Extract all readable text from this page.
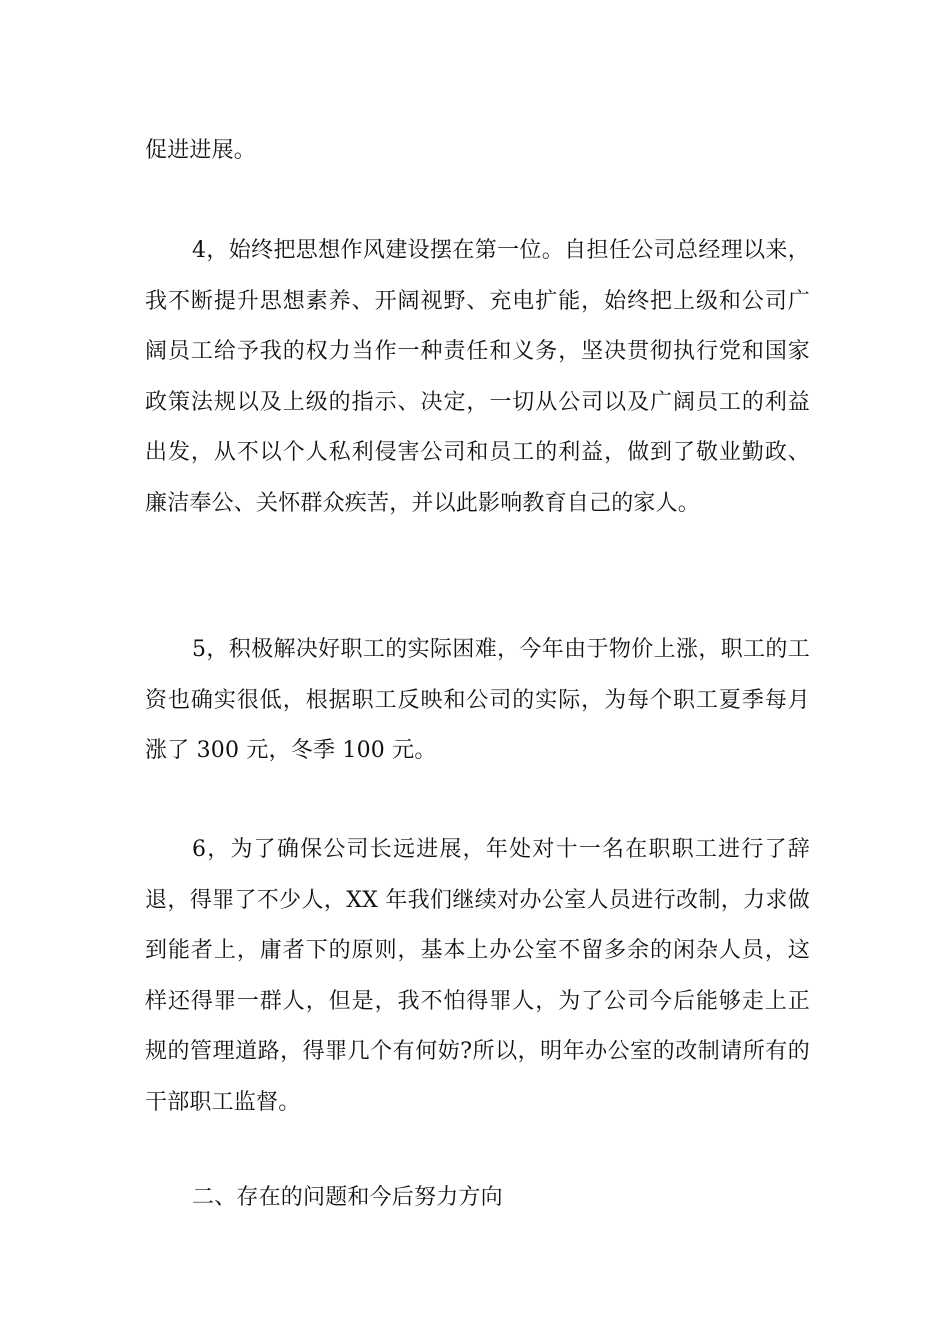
促进进展。

4，始终把思想作风建设摆在第一位。自担任公司总经理以来，我不断提升思想素养、开阔视野、充电扩能，始终把上级和公司广阔员工给予我的权力当作一种责任和义务，坚决贯彻执行党和国家政策法规以及上级的指示、决定，一切从公司以及广阔员工的利益出发，从不以个人私利侵害公司和员工的利益，做到了敬业勤政、廉洁奉公、关怀群众疾苦，并以此影响教育自己的家人。

5，积极解决好职工的实际困难，今年由于物价上涨，职工的工资也确实很低，根据职工反映和公司的实际，为每个职工夏季每月涨了 300 元，冬季 100 元。

6，为了确保公司长远进展，年处对十一名在职职工进行了辞退，得罪了不少人，XX 年我们继续对办公室人员进行改制，力求做到能者上，庸者下的原则，基本上办公室不留多余的闲杂人员，这样还得罪一群人，但是，我不怕得罪人，为了公司今后能够走上正规的管理道路，得罪几个有何妨?所以，明年办公室的改制请所有的干部职工监督。

二、存在的问题和今后努力方向
